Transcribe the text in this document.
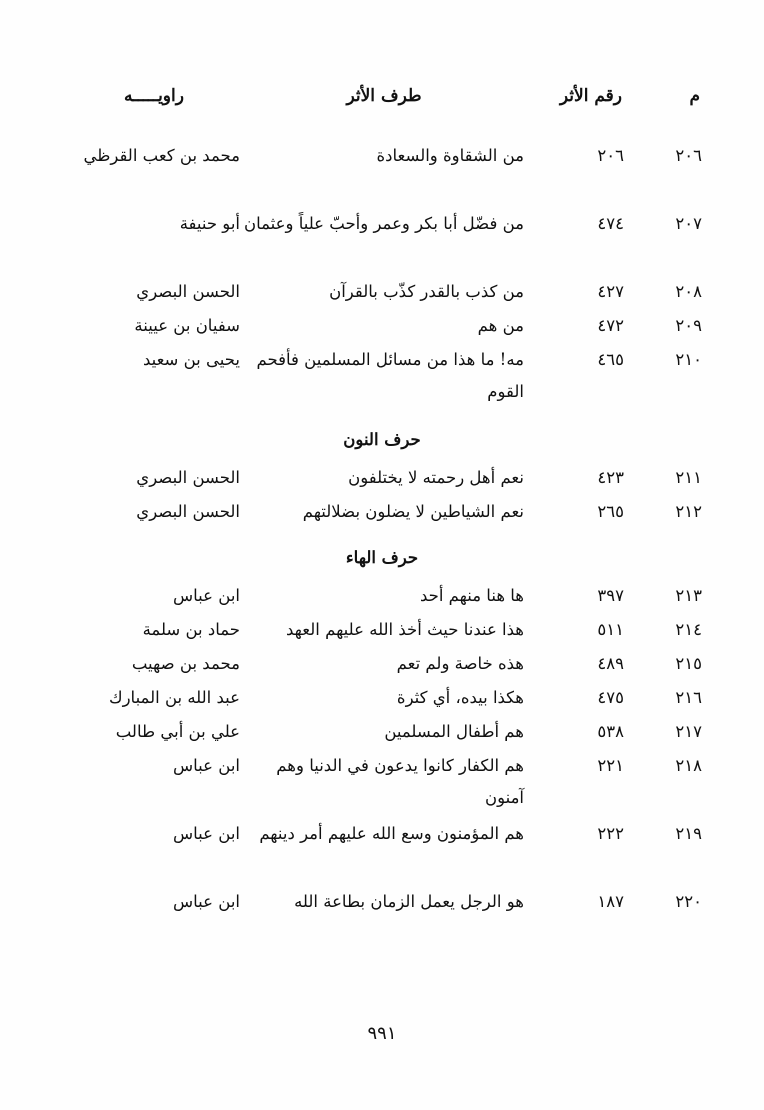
م
رقم الأثر
طرف الأثر
راويـــــه
٢٠٦
٢٠٦
من الشقاوة والسعادة
محمد بن كعب القرظي
٢٠٧
٤٧٤
من فضّل أبا بكر وعمر وأحبّ علياً وعثمان
أبو حنيفة
٢٠٨
٤٢٧
من كذب بالقدر كذّب بالقرآن
الحسن البصري
٢٠٩
٤٧٢
من هم
سفيان بن عيينة
٢١٠
٤٦٥
مه! ما هذا من مسائل المسلمين فأفحم القوم
يحيى بن سعيد
حرف النون
٢١١
٤٢٣
نعم أهل رحمته لا يختلفون
الحسن البصري
٢١٢
٢٦٥
نعم الشياطين لا يضلون بضلالتهم
الحسن البصري
حرف الهاء
٢١٣
٣٩٧
ها هنا منهم أحد
ابن عباس
٢١٤
٥١١
هذا عندنا حيث أخذ الله عليهم العهد
حماد بن سلمة
٢١٥
٤٨٩
هذه خاصة ولم تعم
محمد بن صهيب
٢١٦
٤٧٥
هكذا بيده، أي كثرة
عبد الله بن المبارك
٢١٧
٥٣٨
هم أطفال المسلمين
علي بن أبي طالب
٢١٨
٢٢١
هم الكفار كانوا يدعون في الدنيا وهم آمنون
ابن عباس
٢١٩
٢٢٢
هم المؤمنون وسع الله عليهم أمر دينهم
ابن عباس
٢٢٠
١٨٧
هو الرجل يعمل الزمان بطاعة الله
ابن عباس
٩٩١
